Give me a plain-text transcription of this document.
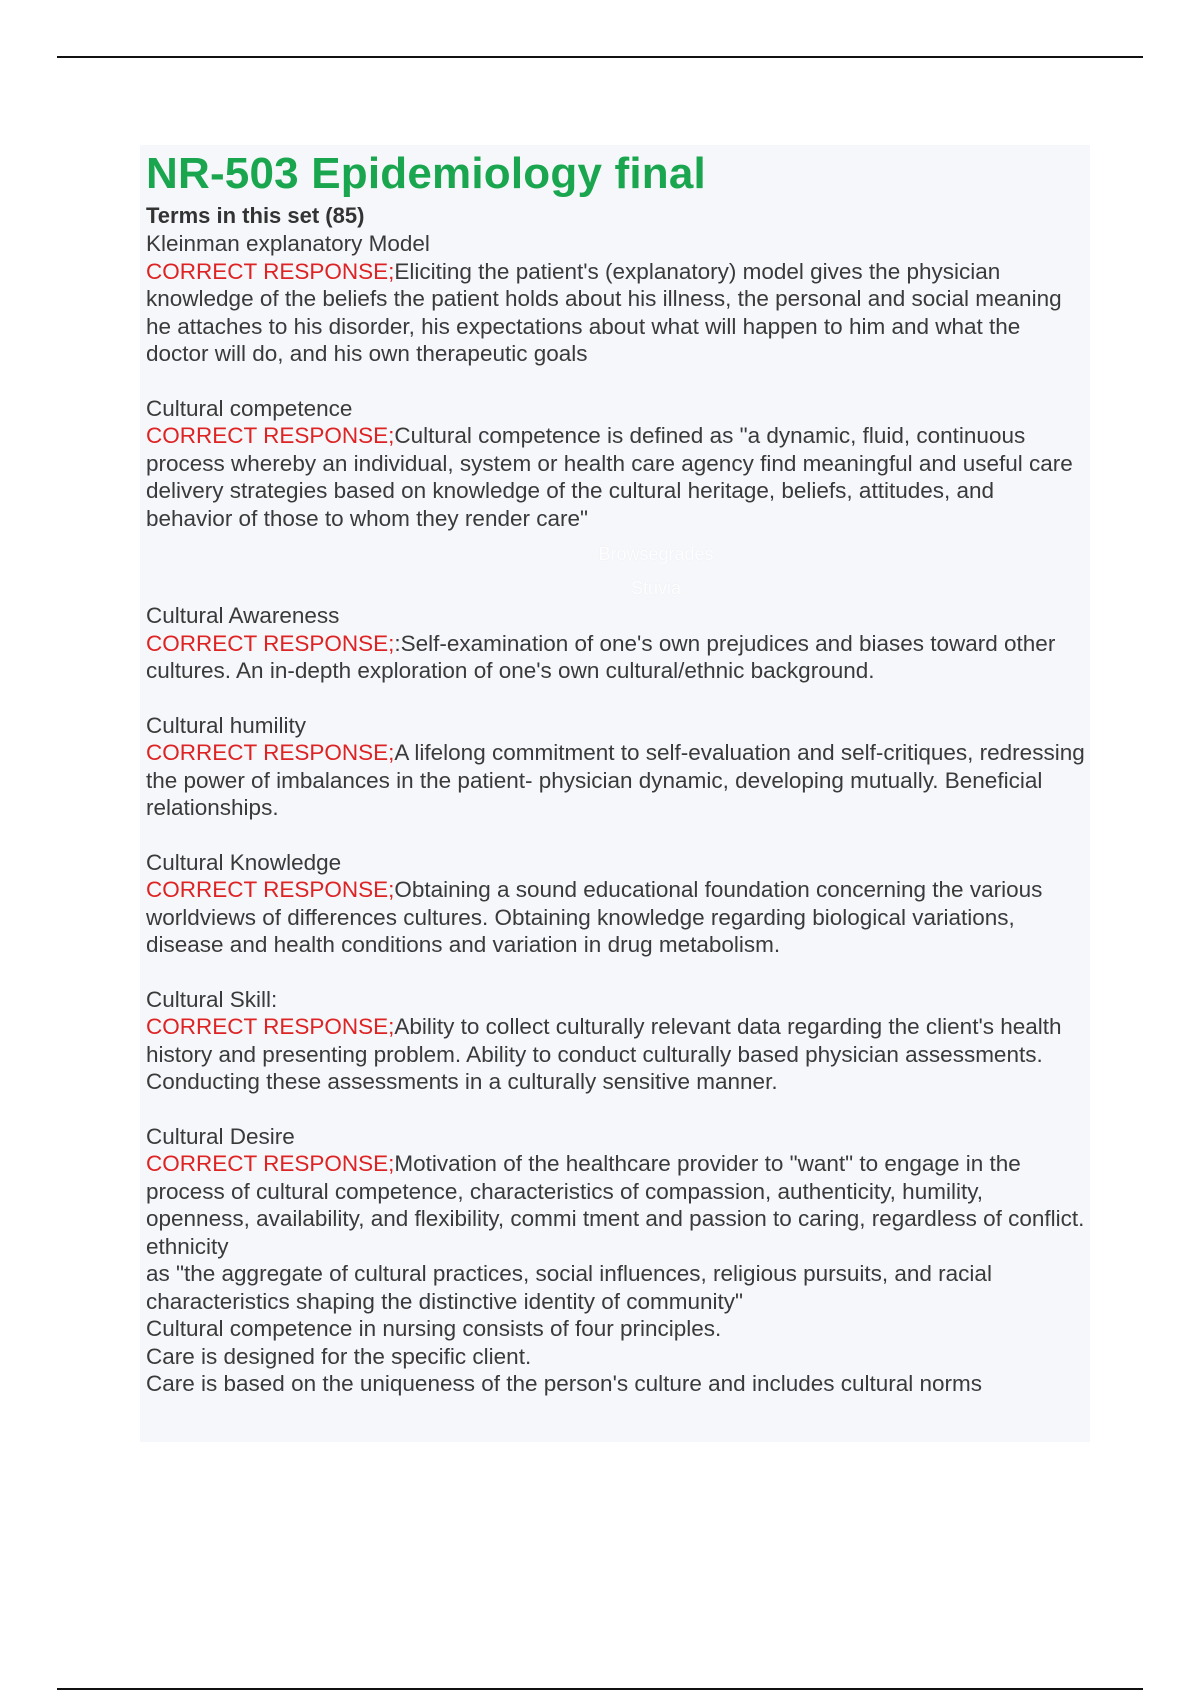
NR-503 Epidemiology final
Terms in this set (85)
Kleinman explanatory Model
CORRECT RESPONSE;Eliciting the patient's (explanatory) model gives the physician knowledge of the beliefs the patient holds about his illness, the personal and social meaning he attaches to his disorder, his expectations about what will happen to him and what the doctor will do, and his own therapeutic goals
Cultural competence
CORRECT RESPONSE;Cultural competence is defined as "a dynamic, fluid, continuous process whereby an individual, system or health care agency find meaningful and useful care delivery strategies based on knowledge of the cultural heritage, beliefs, attitudes, and behavior of those to whom they render care"
Browsegrades
Stuvia
Cultural Awareness
CORRECT RESPONSE;:Self-examination of one's own prejudices and biases toward other cultures. An in-depth exploration of one's own cultural/ethnic background.
Cultural humility
CORRECT RESPONSE;A lifelong commitment to self-evaluation and self-critiques, redressing the power of imbalances in the patient- physician dynamic, developing mutually. Beneficial relationships.
Cultural Knowledge
CORRECT RESPONSE;Obtaining a sound educational foundation concerning the various worldviews of differences cultures. Obtaining knowledge regarding biological variations, disease and health conditions and variation in drug metabolism.
Cultural Skill:
CORRECT RESPONSE;Ability to collect culturally relevant data regarding the client's health history and presenting problem. Ability to conduct culturally based physician assessments. Conducting these assessments in a culturally sensitive manner.
Cultural Desire
CORRECT RESPONSE;Motivation of the healthcare provider to "want" to engage in the process of cultural competence, characteristics of compassion, authenticity, humility, openness, availability, and flexibility, commi tment and passion to caring, regardless of conflict.
ethnicity
as "the aggregate of cultural practices, social influences, religious pursuits, and racial characteristics shaping the distinctive identity of community"
Cultural competence in nursing consists of four principles.
Care is designed for the specific client.
Care is based on the uniqueness of the person's culture and includes cultural norms
